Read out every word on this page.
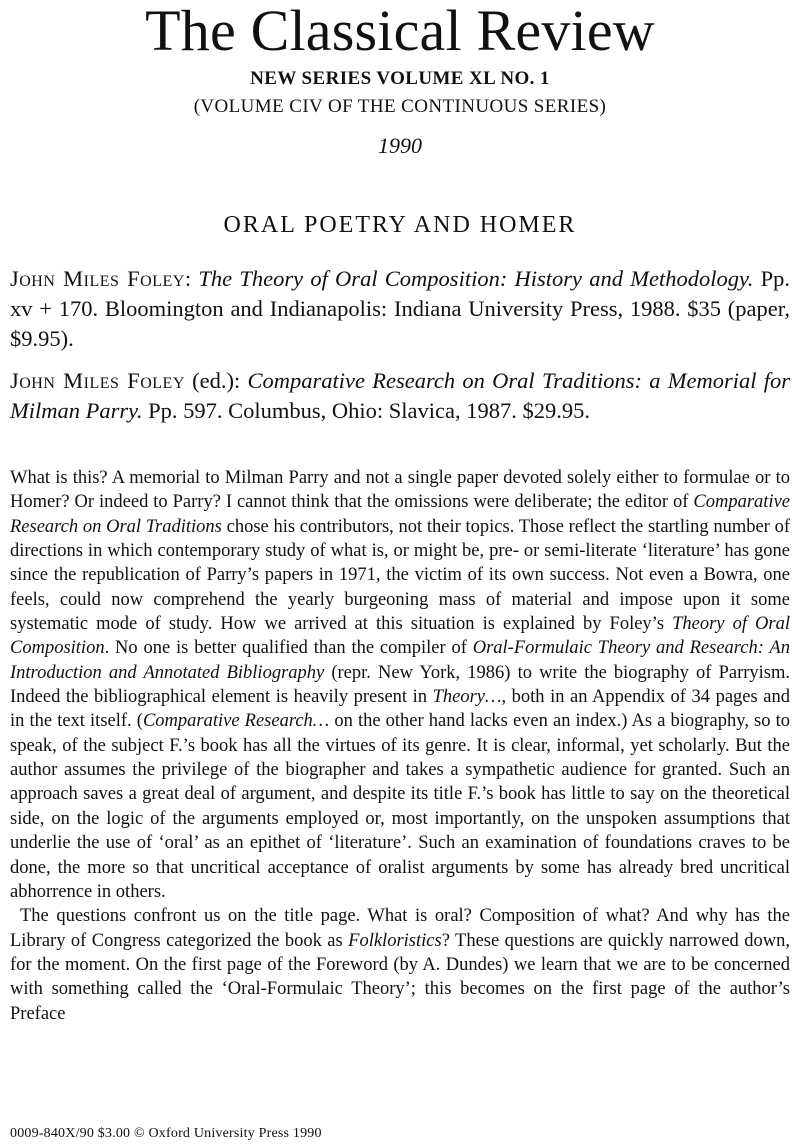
The Classical Review
NEW SERIES VOLUME XL NO. 1
(VOLUME CIV OF THE CONTINUOUS SERIES)
1990
ORAL POETRY AND HOMER
John Miles Foley: The Theory of Oral Composition: History and Methodology. Pp. xv + 170. Bloomington and Indianapolis: Indiana University Press, 1988. $35 (paper, $9.95).
John Miles Foley (ed.): Comparative Research on Oral Traditions: a Memorial for Milman Parry. Pp. 597. Columbus, Ohio: Slavica, 1987. $29.95.

What is this? A memorial to Milman Parry and not a single paper devoted solely either to formulae or to Homer? Or indeed to Parry? I cannot think that the omissions were deliberate; the editor of Comparative Research on Oral Traditions chose his contributors, not their topics. Those reflect the startling number of directions in which contemporary study of what is, or might be, pre- or semi-literate ‘literature’ has gone since the republication of Parry’s papers in 1971, the victim of its own success. Not even a Bowra, one feels, could now comprehend the yearly burgeoning mass of material and impose upon it some systematic mode of study. How we arrived at this situation is explained by Foley’s Theory of Oral Composition. No one is better qualified than the compiler of Oral-Formulaic Theory and Research: An Introduction and Annotated Bibliography (repr. New York, 1986) to write the biography of Parryism. Indeed the bibliographical element is heavily present in Theory…, both in an Appendix of 34 pages and in the text itself. (Comparative Research… on the other hand lacks even an index.) As a biography, so to speak, of the subject F.’s book has all the virtues of its genre. It is clear, informal, yet scholarly. But the author assumes the privilege of the biographer and takes a sympathetic audience for granted. Such an approach saves a great deal of argument, and despite its title F.’s book has little to say on the theoretical side, on the logic of the arguments employed or, most importantly, on the unspoken assumptions that underlie the use of ‘oral’ as an epithet of ‘literature’. Such an examination of foundations craves to be done, the more so that uncritical acceptance of oralist arguments by some has already bred uncritical abhorrence in others.

The questions confront us on the title page. What is oral? Composition of what? And why has the Library of Congress categorized the book as Folkloristics? These questions are quickly narrowed down, for the moment. On the first page of the Foreword (by A. Dundes) we learn that we are to be concerned with something called the ‘Oral-Formulaic Theory’; this becomes on the first page of the author’s Preface

0009-840X/90 $3.00 © Oxford University Press 1990
